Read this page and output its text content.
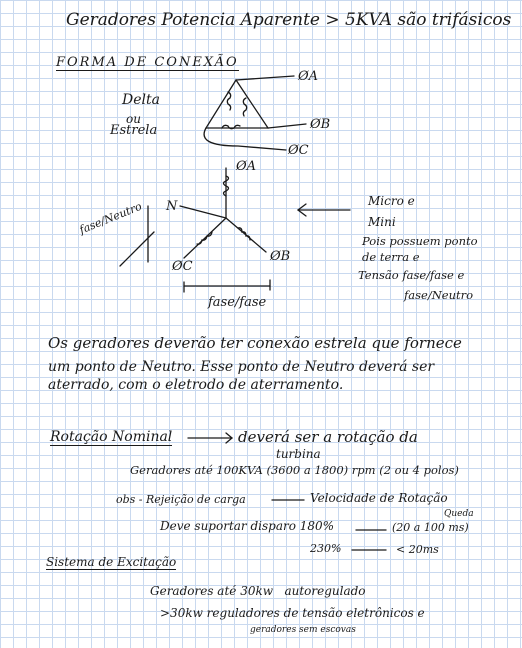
Geradores Potencia Aparente > 5KVA são trifásicos
FORMA DE CONEXÃO
Delta
ou
Estrela
ØA
ØB
ØC
ØA
ØC
ØB
N
fase/Neutro
fase/fase
Micro e
Mini
Pois possuem ponto
de terra e
Tensão fase/fase e
fase/Neutro
Os geradores deverão ter conexão estrela que fornece
um ponto de Neutro. Esse ponto de Neutro deverá ser
aterrado, com o eletrodo de aterramento.
Rotação Nominal	deverá ser a rotação da
turbina
Geradores até 100KVA (3600 a 1800) rpm (2 ou 4 polos)
obs - Rejeição de carga	Velocidade de Rotação
Queda
Deve suportar disparo 180%	(20 a 100 ms)
230%	< 20ms
Sistema de Excitação
Geradores até 30kw   autoregulado
>30kw reguladores de tensão eletrônicos e
geradores sem escovas
